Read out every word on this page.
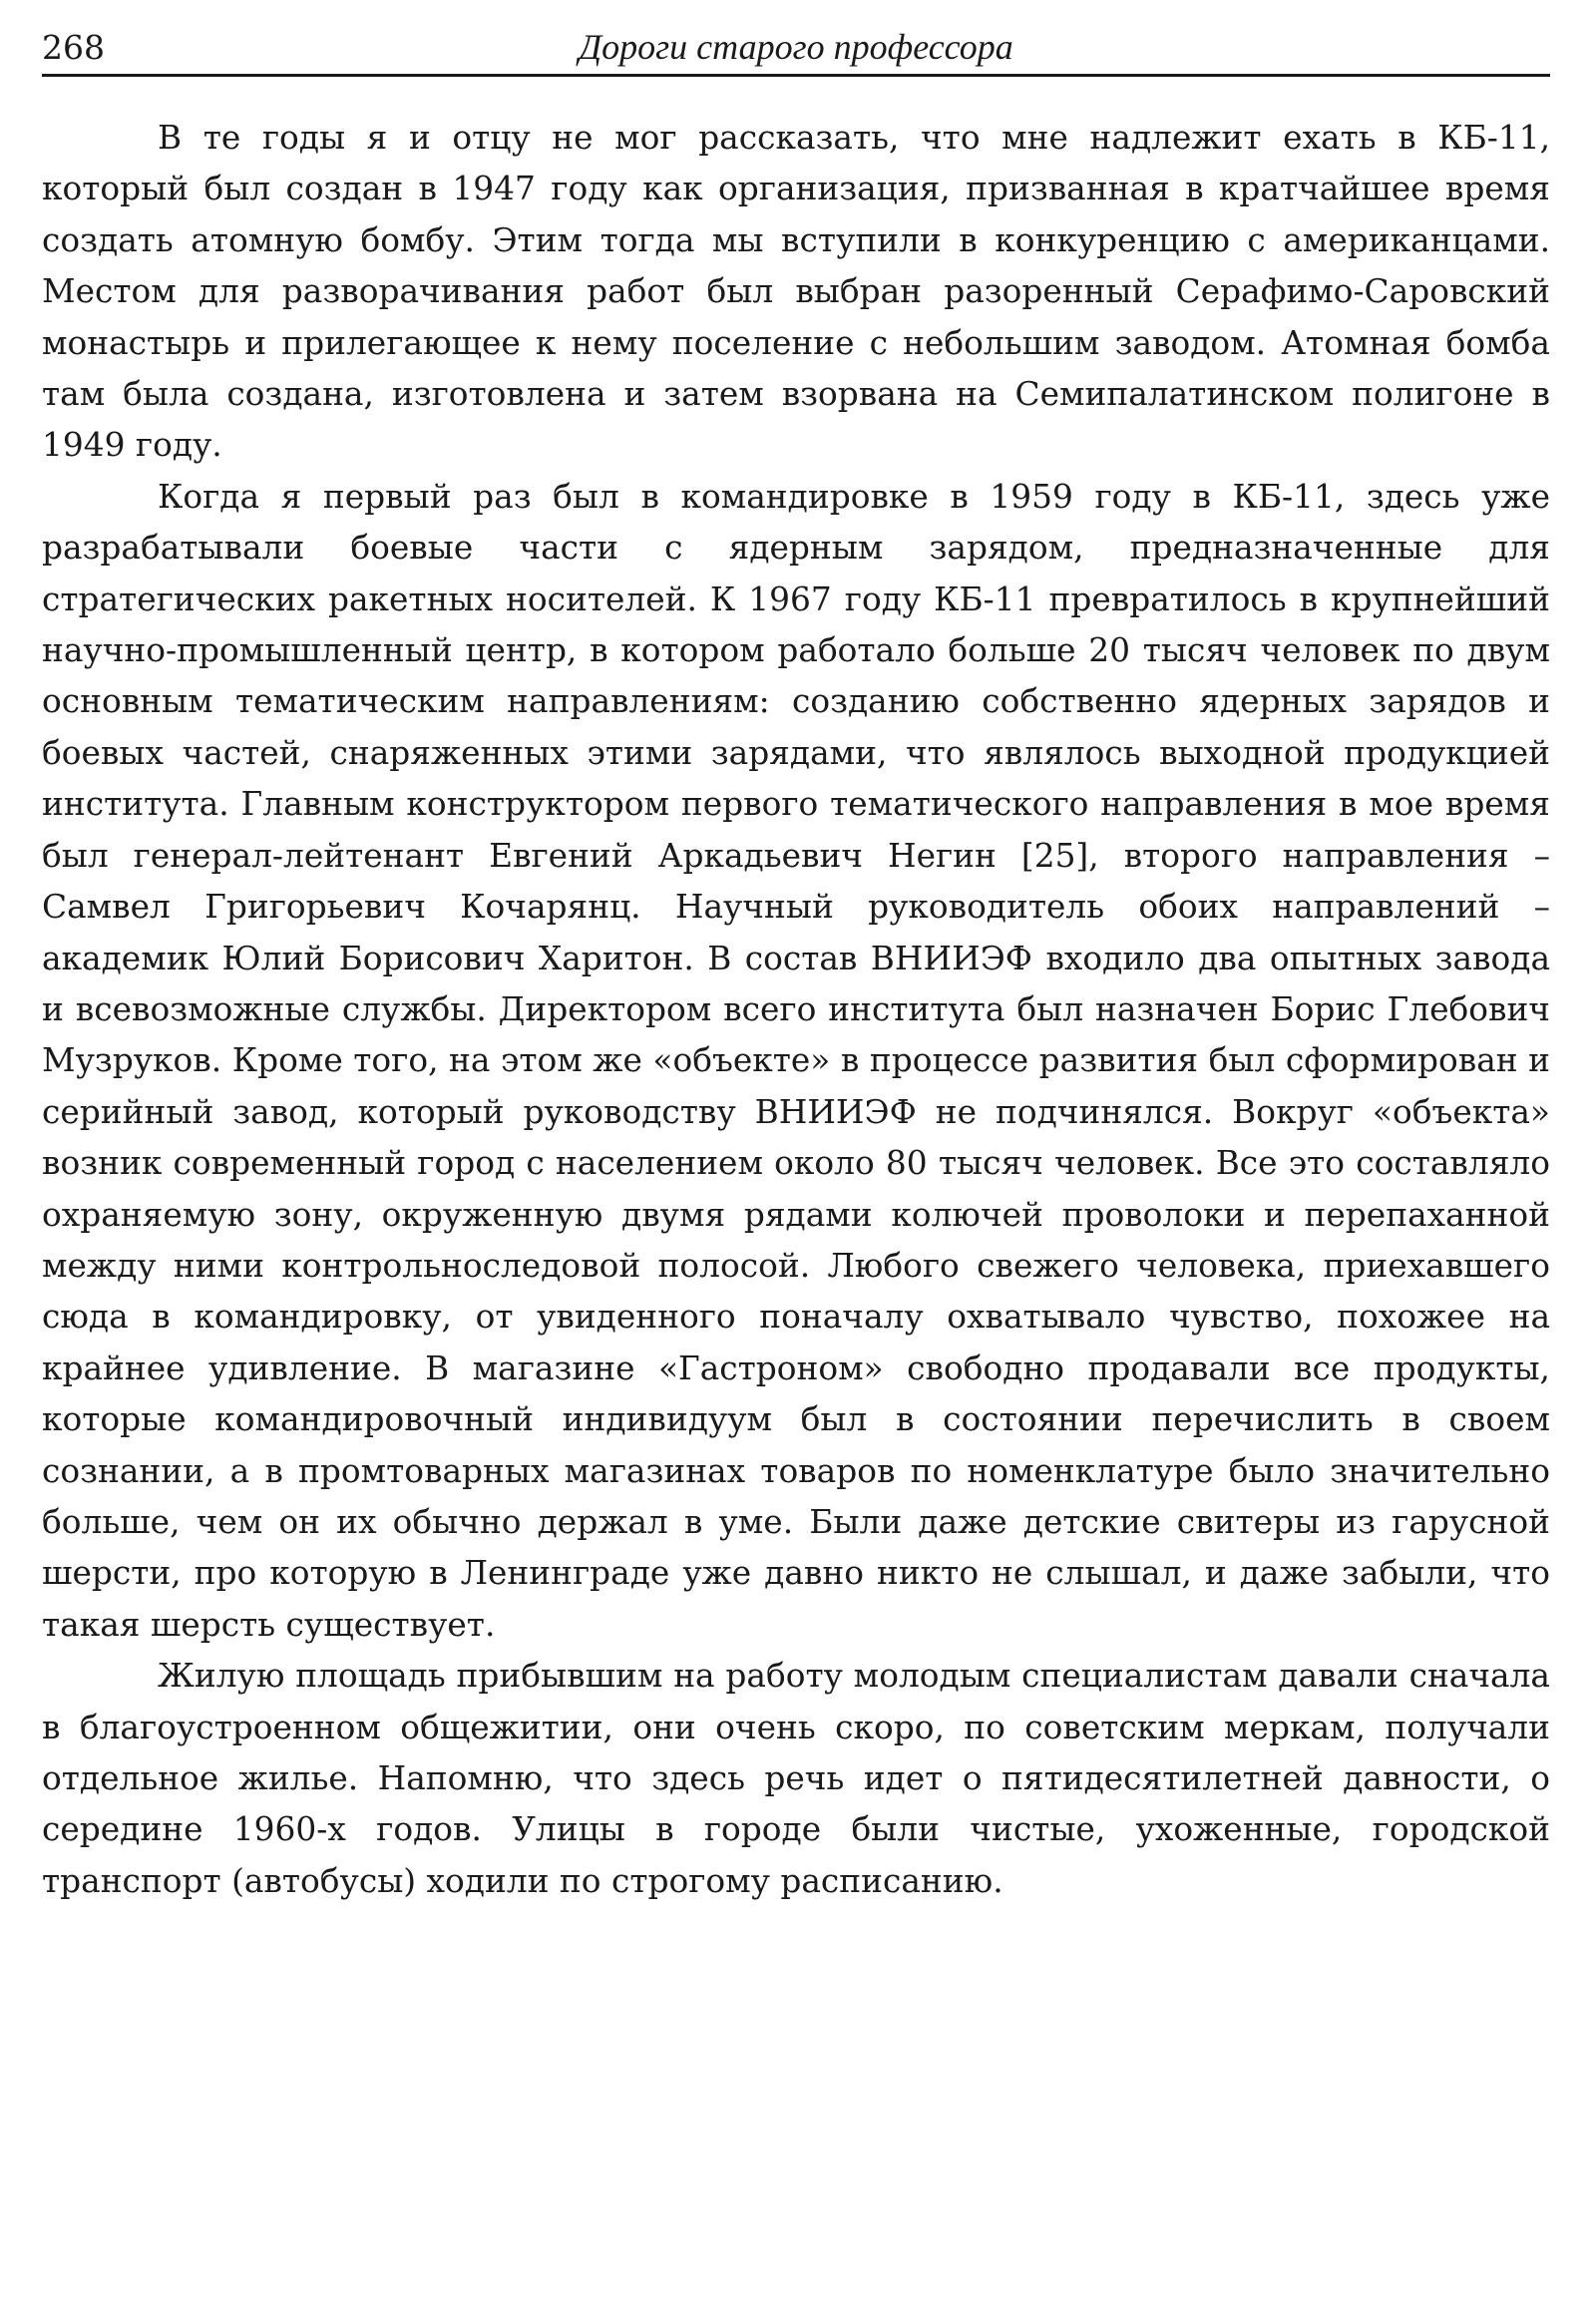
268	Дороги старого профессора

В те годы я и отцу не мог рассказать, что мне надлежит ехать в КБ-11, который был создан в 1947 году как организация, призванная в кратчайшее время создать атомную бомбу. Этим тогда мы вступили в конкуренцию с американцами. Местом для разворачивания работ был выбран разоренный Серафимо-Саровский монастырь и прилегающее к нему поселение с небольшим заводом. Атомная бомба там была создана, изготовлена и затем взорвана на Семипалатинском полигоне в 1949 году.

Когда я первый раз был в командировке в 1959 году в КБ-11, здесь уже разрабатывали боевые части с ядерным зарядом, предназначенные для стратегических ракетных носителей. К 1967 году КБ-11 превратилось в крупнейший научно-промышленный центр, в котором работало больше 20 тысяч человек по двум основным тематическим направлениям: созданию собственно ядерных зарядов и боевых частей, снаряженных этими зарядами, что являлось выходной продукцией института. Главным конструктором первого тематического направления в мое время был генерал-лейтенант Евгений Аркадьевич Негин [25], второго направления – Самвел Григорьевич Кочарянц. Научный руководитель обоих направлений – академик Юлий Борисович Харитон. В состав ВНИИЭФ входило два опытных завода и всевозможные службы. Директором всего института был назначен Борис Глебович Музруков. Кроме того, на этом же «объекте» в процессе развития был сформирован и серийный завод, который руководству ВНИИЭФ не подчинялся. Вокруг «объекта» возник современный город с населением около 80 тысяч человек. Все это составляло охраняемую зону, окруженную двумя рядами колючей проволоки и перепаханной между ними контрольноследовой полосой. Любого свежего человека, приехавшего сюда в командировку, от увиденного поначалу охватывало чувство, похожее на крайнее удивление. В магазине «Гастроном» свободно продавали все продукты, которые командировочный индивидуум был в состоянии перечислить в своем сознании, а в промтоварных магазинах товаров по номенклатуре было значительно больше, чем он их обычно держал в уме. Были даже детские свитеры из гарусной шерсти, про которую в Ленинграде уже давно никто не слышал, и даже забыли, что такая шерсть существует.

Жилую площадь прибывшим на работу молодым специалистам давали сначала в благоустроенном общежитии, они очень скоро, по советским меркам, получали отдельное жилье. Напомню, что здесь речь идет о пятидесятилетней давности, о середине 1960-х годов. Улицы в городе были чистые, ухоженные, городской транспорт (автобусы) ходили по строгому расписанию.
